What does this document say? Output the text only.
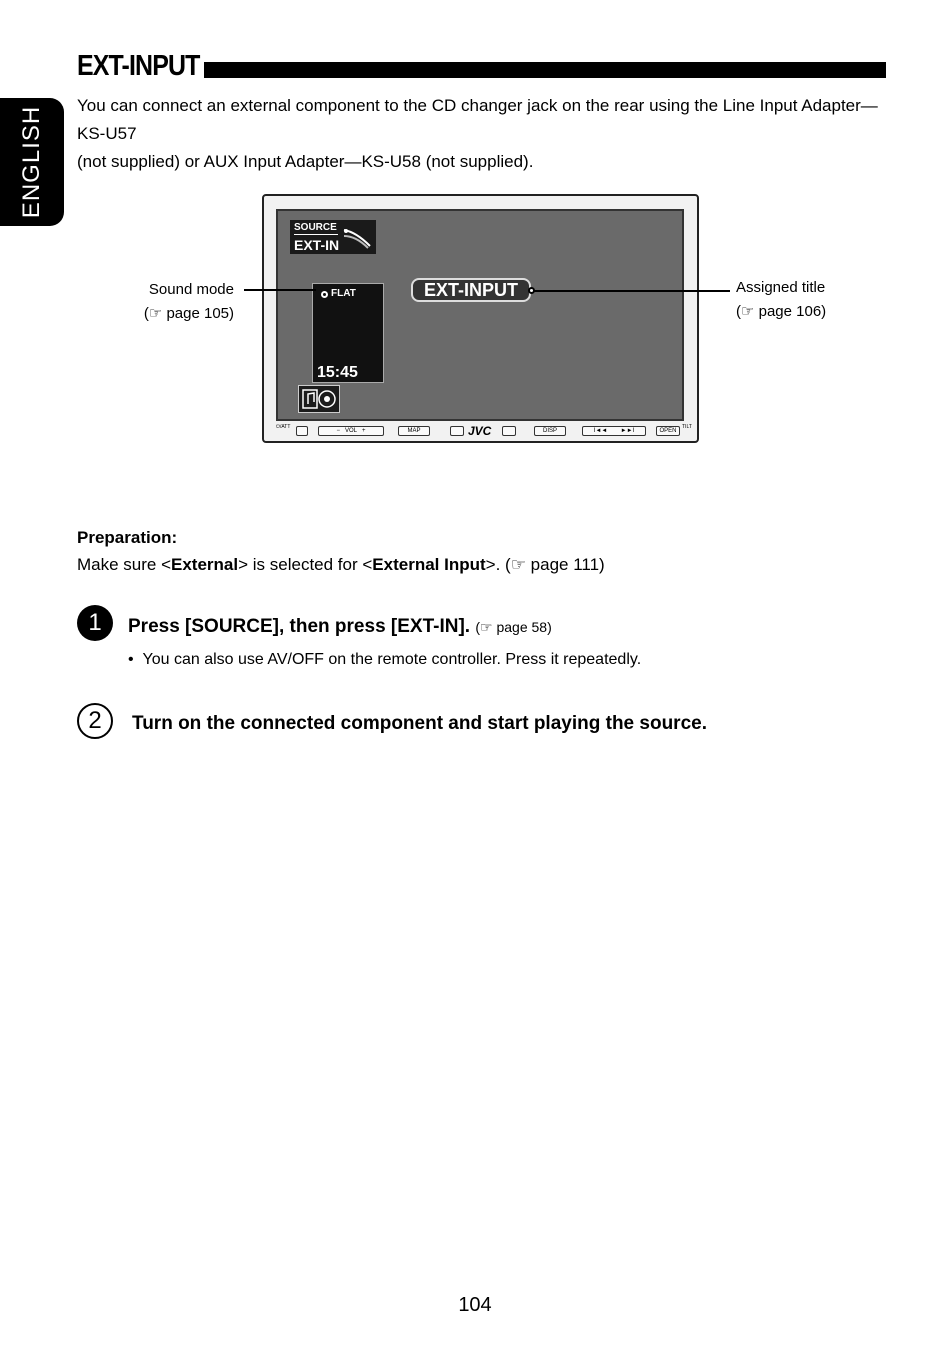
ENGLISH
EXT-INPUT
You can connect an external component to the CD changer jack on the rear using the Line Input Adapter—KS-U57
(not supplied) or AUX Input Adapter—KS-U58 (not supplied).
SOURCE
EXT-IN
FLAT
15:45
EXT-INPUT
⏻/ATT
− VOL +	MAP	JVC	DISP	I◄◄ ►►I	OPEN
TILT
Sound mode
(☞ page 105)
Assigned title
(☞ page 106)
Preparation:
Make sure <External> is selected for <External Input>. (☞ page 111)
1	Press [SOURCE], then press [EXT-IN]. (☞ page 58)
•  You can also use AV/OFF on the remote controller. Press it repeatedly.
2	Turn on the connected component and start playing the source.
104
